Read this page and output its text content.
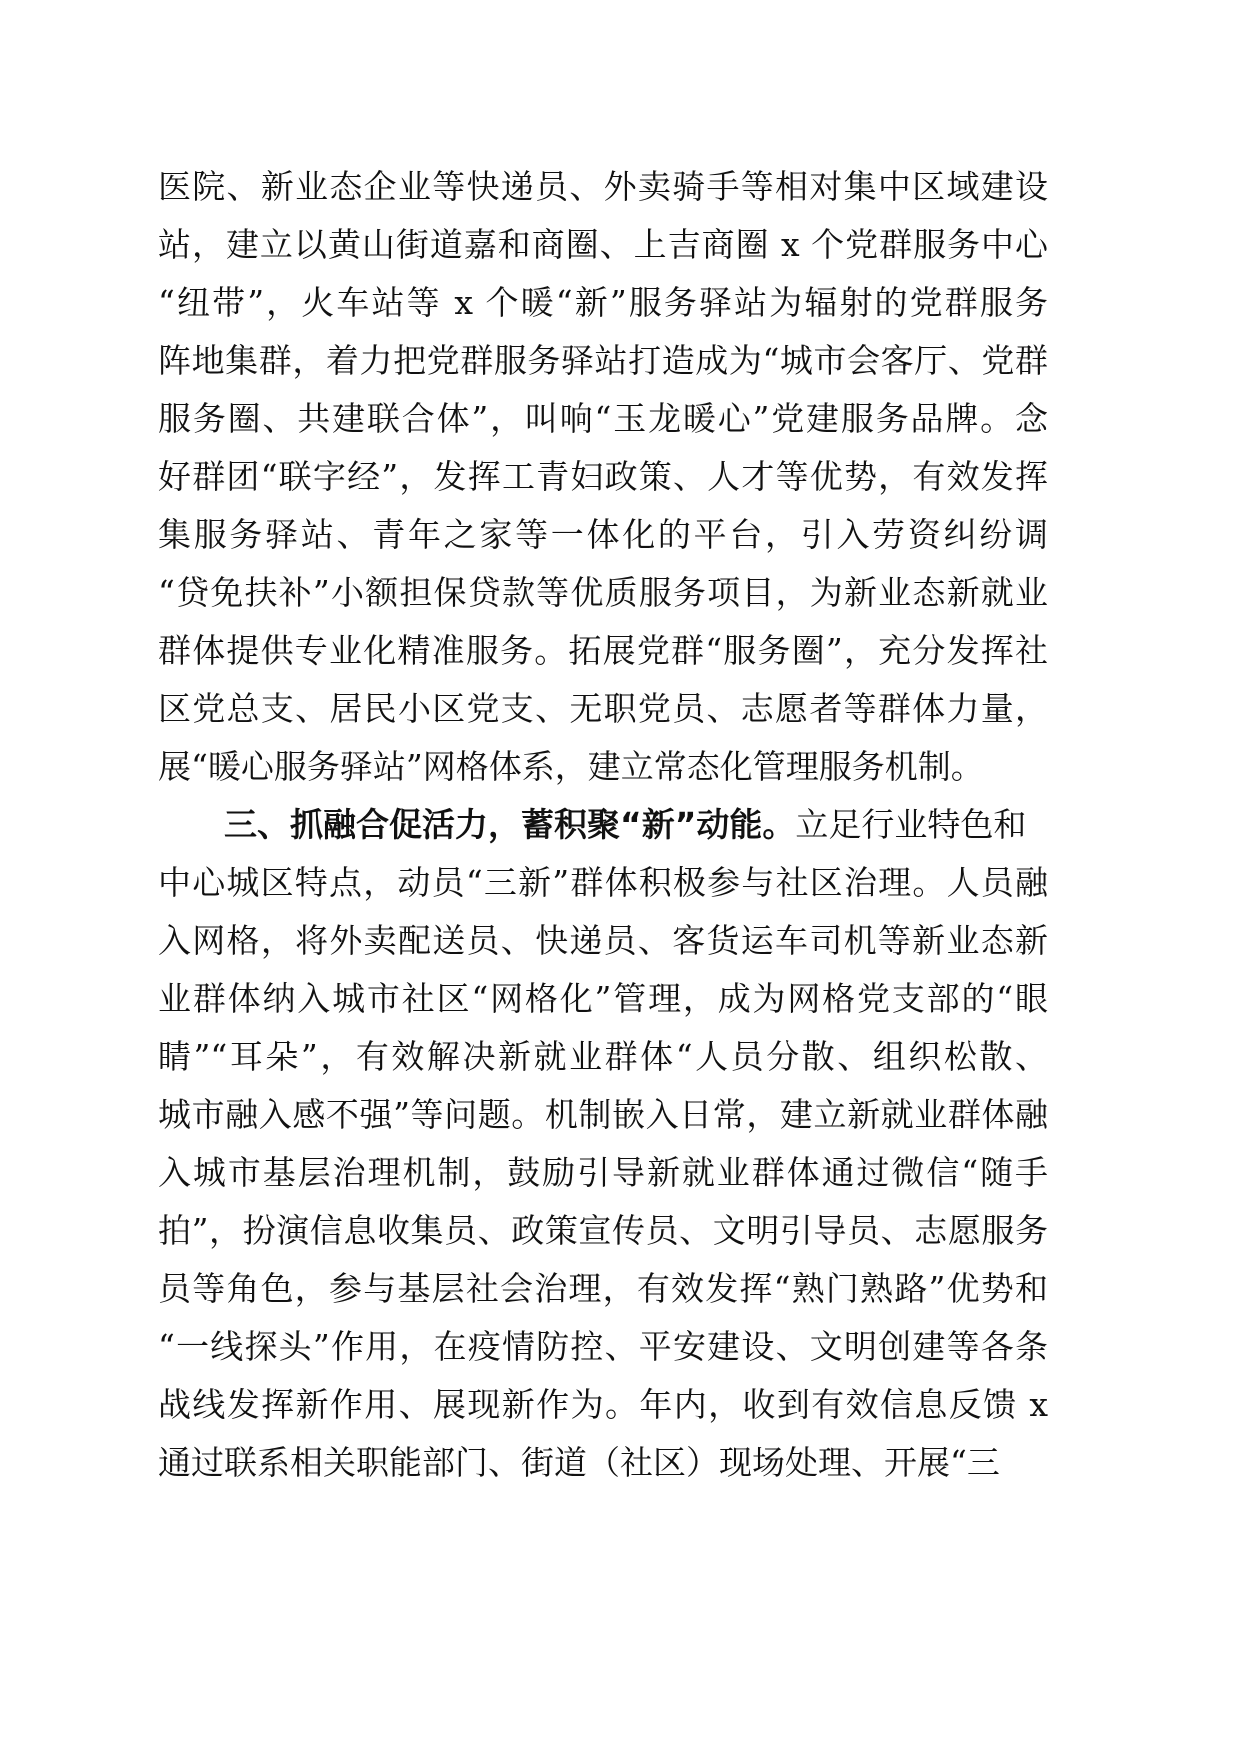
医院、新业态企业等快递员、外卖骑手等相对集中区域建设

站，建立以黄山街道嘉和商圈、上吉商圈 x 个党群服务中心

“纽带”，火车站等 x 个暖“新”服务驿站为辐射的党群服务

阵地集群，着力把党群服务驿站打造成为“城市会客厅、党群

服务圈、共建联合体”，叫响“玉龙暖心”党建服务品牌。念

好群团“联字经”，发挥工青妇政策、人才等优势，有效发挥

集服务驿站、青年之家等一体化的平台，引入劳资纠纷调

“贷免扶补”小额担保贷款等优质服务项目，为新业态新就业

群体提供专业化精准服务。拓展党群“服务圈”，充分发挥社

区党总支、居民小区党支、无职党员、志愿者等群体力量，

展“暖心服务驿站”网格体系，建立常态化管理服务机制。

三、抓融合促活力，蓄积聚“新”动能。立足行业特色和

中心城区特点，动员“三新”群体积极参与社区治理。人员融

入网格，将外卖配送员、快递员、客货运车司机等新业态新

业群体纳入城市社区“网格化”管理，成为网格党支部的“眼

睛”“耳朵”，有效解决新就业群体“人员分散、组织松散、

城市融入感不强”等问题。机制嵌入日常，建立新就业群体融

入城市基层治理机制，鼓励引导新就业群体通过微信“随手

拍”，扮演信息收集员、政策宣传员、文明引导员、志愿服务

员等角色，参与基层社会治理，有效发挥“熟门熟路”优势和

“一线探头”作用，在疫情防控、平安建设、文明创建等各条

战线发挥新作用、展现新作为。年内，收到有效信息反馈 x

通过联系相关职能部门、街道（社区）现场处理、开展“三
